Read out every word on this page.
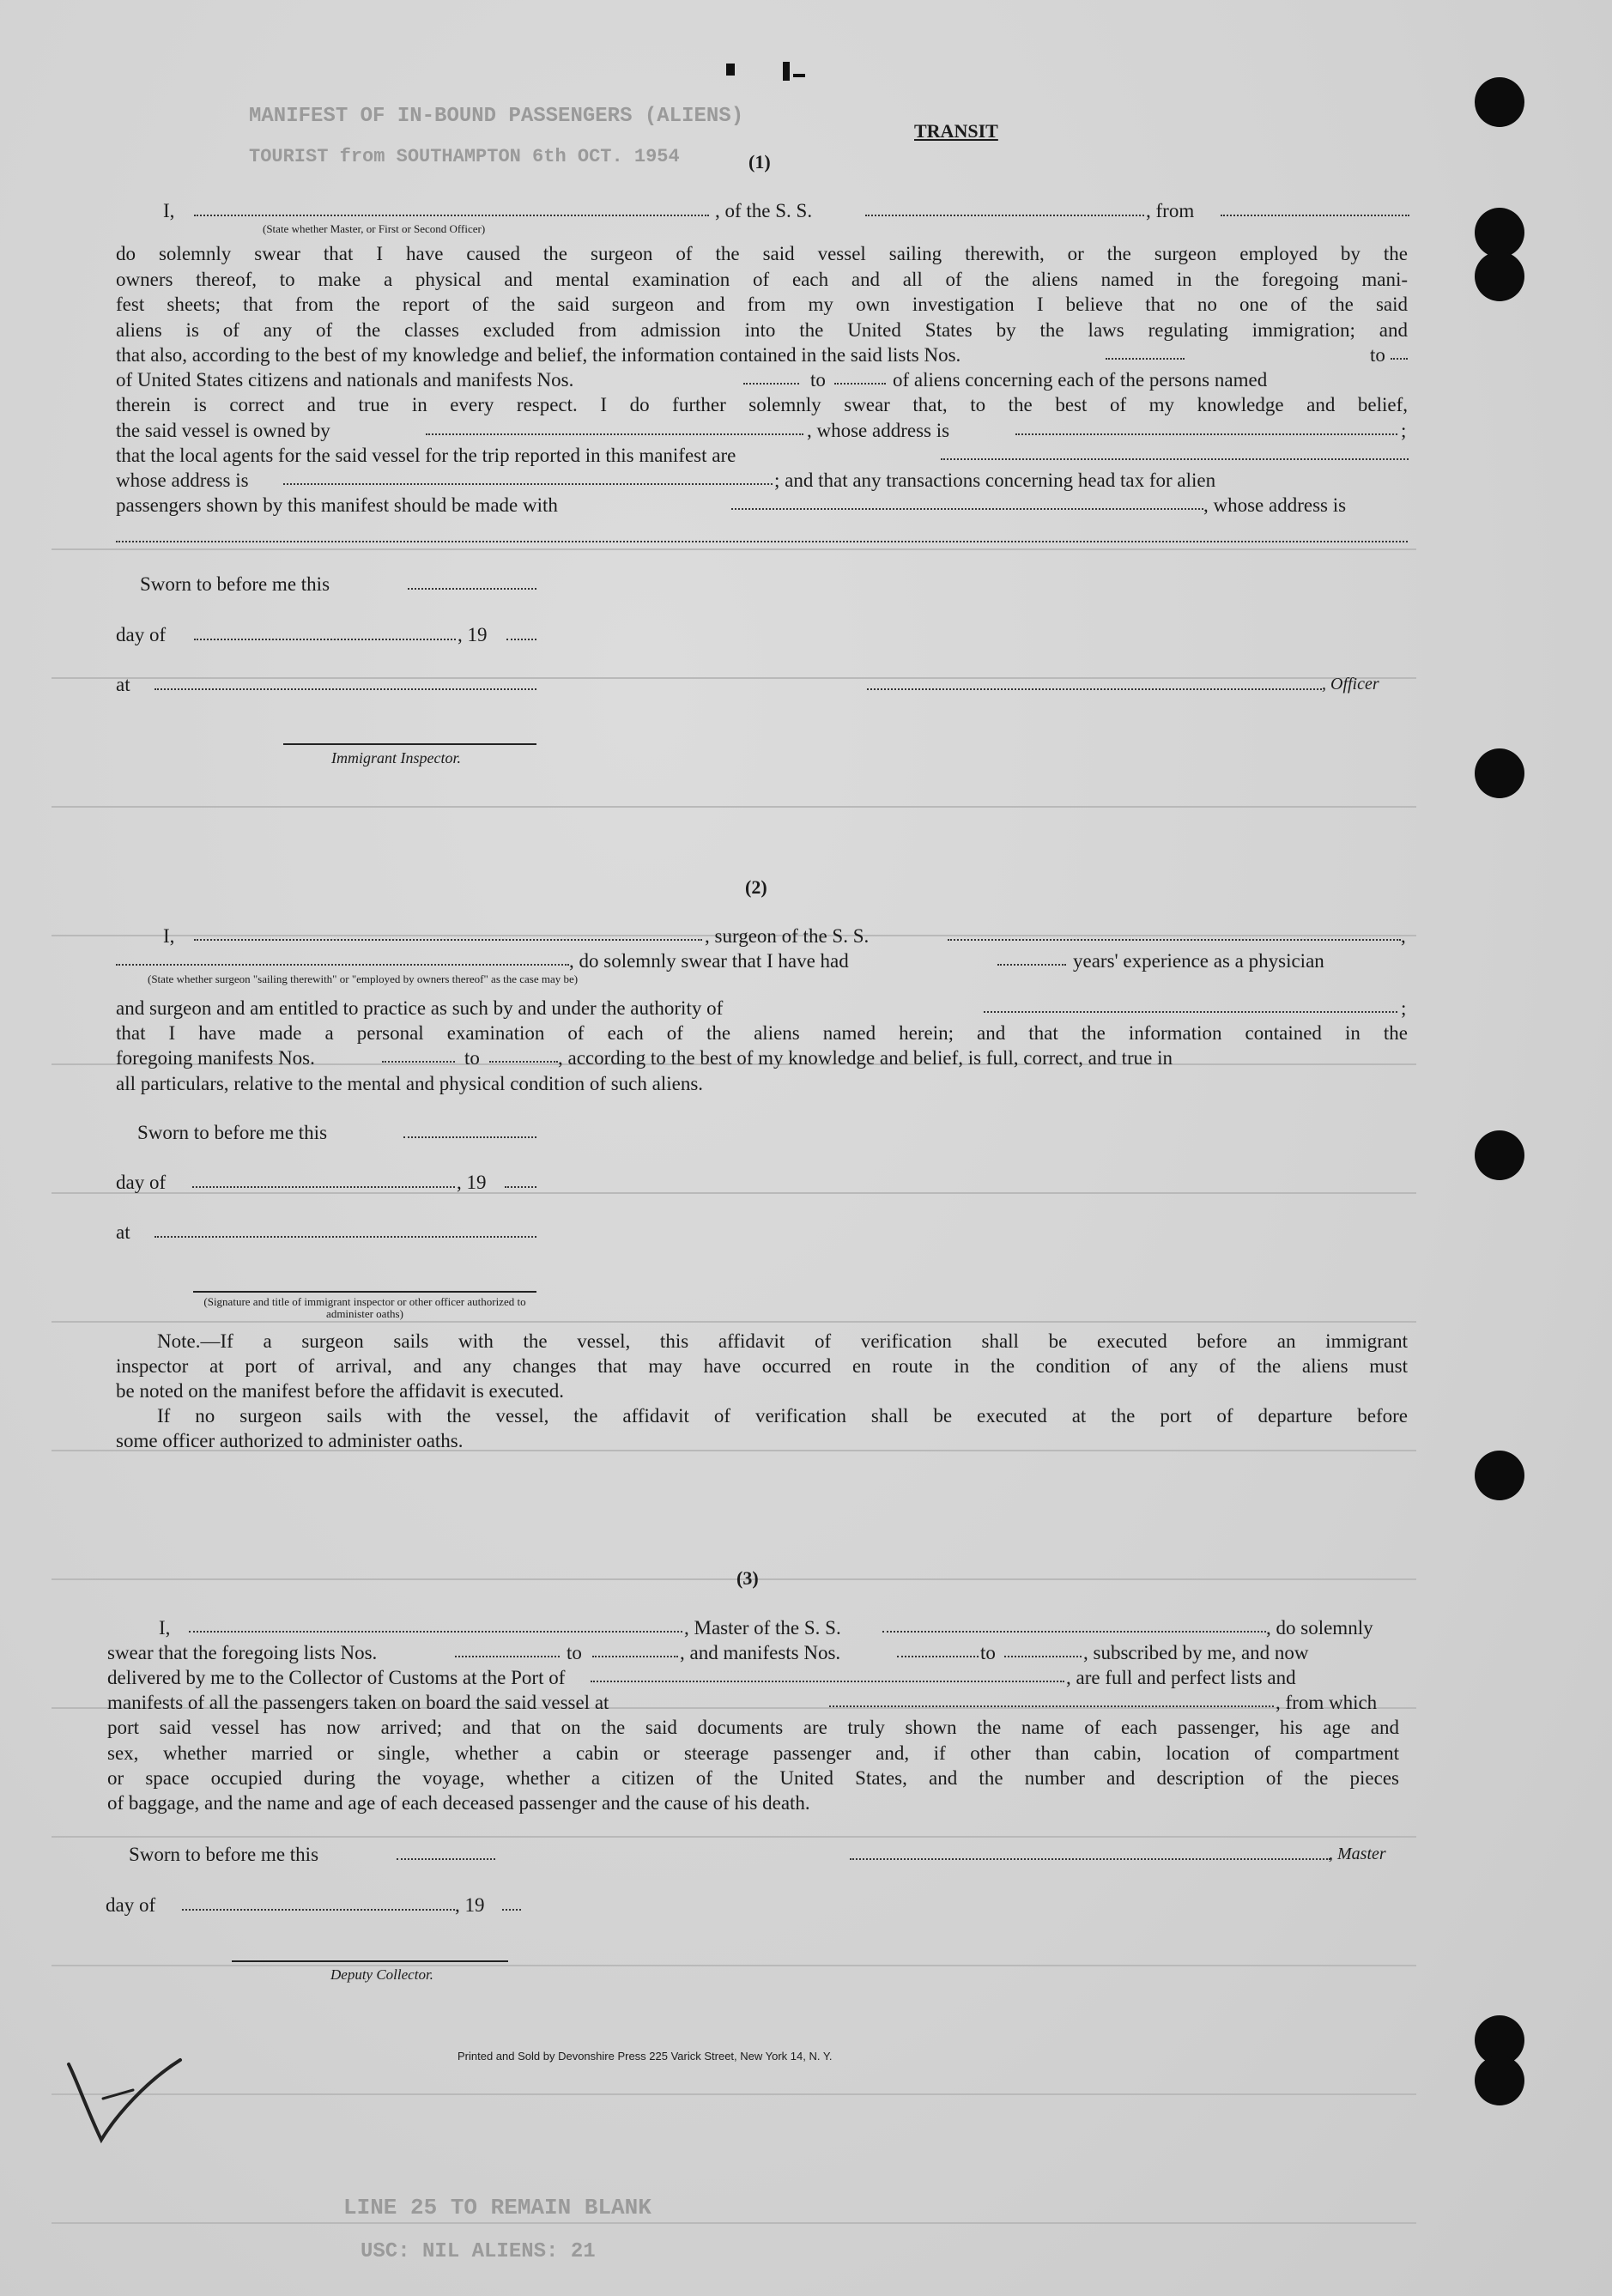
MANIFEST OF IN-BOUND PASSENGERS (ALIENS)
TOURIST from SOUTHAMPTON 6th OCT. 1954
LINE 25 TO REMAIN BLANK
USC: NIL ALIENS: 21
TRANSIT
(1)
I,	, of the S. S.	, from
(State whether Master, or First or Second Officer)
do solemnly swear that I have caused the surgeon of the said vessel sailing therewith, or the surgeon employed by the
owners thereof, to make a physical and mental examination of each and all of the aliens named in the foregoing mani-
fest sheets; that from the report of the said surgeon and from my own investigation I believe that no one of the said
aliens is of any of the classes excluded from admission into the United States by the laws regulating immigration; and
that also, according to the best of my knowledge and belief, the information contained in the said lists Nos.	to
of United States citizens and nationals and manifests Nos.	to	of aliens concerning each of the persons named
therein is correct and true in every respect. I do further solemnly swear that, to the best of my knowledge and belief,
the said vessel is owned by	, whose address is	;
that the local agents for the said vessel for the trip reported in this manifest are
whose address is	; and that any transactions concerning head tax for alien
passengers shown by this manifest should be made with	, whose address is
Sworn to before me this
day of	, 19
at	, Officer
Immigrant Inspector.
(2)
I,	, surgeon of the S. S.	,
, do solemnly swear that I have had	years' experience as a physician
(State whether surgeon "sailing therewith" or "employed by owners thereof" as the case may be)
and surgeon and am entitled to practice as such by and under the authority of	;
that I have made a personal examination of each of the aliens named herein; and that the information contained in the
foregoing manifests Nos.	to	, according to the best of my knowledge and belief, is full, correct, and true in
all particulars, relative to the mental and physical condition of such aliens.
Sworn to before me this
day of	, 19
at
(Signature and title of immigrant inspector or other officer authorized to administer oaths)
Note.—If a surgeon sails with the vessel, this affidavit of verification shall be executed before an immigrant
inspector at port of arrival, and any changes that may have occurred en route in the condition of any of the aliens must
be noted on the manifest before the affidavit is executed.
If no surgeon sails with the vessel, the affidavit of verification shall be executed at the port of departure before
some officer authorized to administer oaths.
(3)
I,	, Master of the S. S.	, do solemnly
swear that the foregoing lists Nos.	to	, and manifests Nos.	to	, subscribed by me, and now
delivered by me to the Collector of Customs at the Port of	, are full and perfect lists and
manifests of all the passengers taken on board the said vessel at	, from which
port said vessel has now arrived; and that on the said documents are truly shown the name of each passenger, his age and
sex, whether married or single, whether a cabin or steerage passenger and, if other than cabin, location of compartment
or space occupied during the voyage, whether a citizen of the United States, and the number and description of the pieces
of baggage, and the name and age of each deceased passenger and the cause of his death.
Sworn to before me this	, Master
day of	, 19
Deputy Collector.
Printed and Sold by Devonshire Press 225 Varick Street, New York 14, N. Y.
